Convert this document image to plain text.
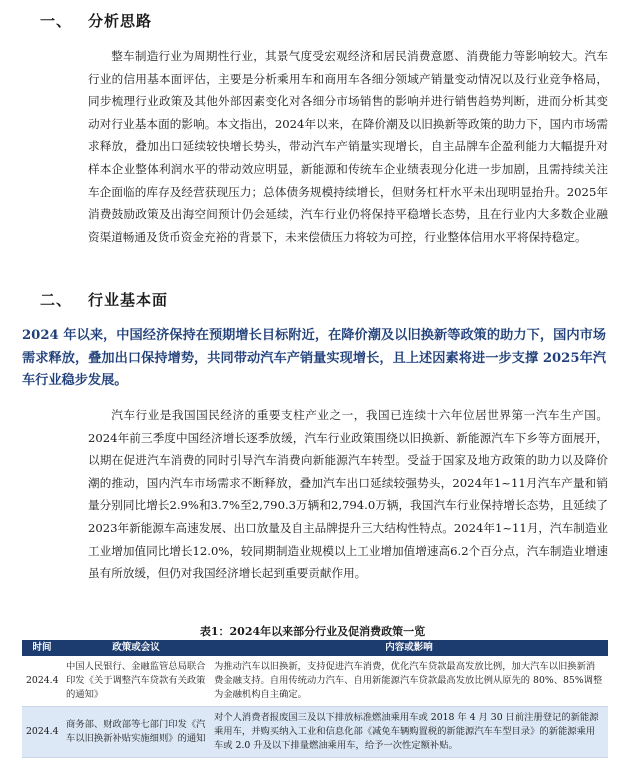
一、 分析思路

整车制造行业为周期性行业，其景气度受宏观经济和居民消费意愿、消费能力等影响较大。汽车行业的信用基本面评估，主要是分析乘用车和商用车各细分领域产销量变动情况以及行业竞争格局，同步梳理行业政策及其他外部因素变化对各细分市场销售的影响并进行销售趋势判断，进而分析其变动对行业基本面的影响。本文指出，2024年以来，在降价潮及以旧换新等政策的助力下，国内市场需求释放，叠加出口延续较快增长势头，带动汽车产销量实现增长，自主品牌车企盈利能力大幅提升对样本企业整体利润水平的带动效应明显，新能源和传统车企业绩表现分化进一步加剧，且需持续关注车企面临的库存及经营获现压力；总体债务规模持续增长，但财务杠杆水平未出现明显抬升。2025年消费鼓励政策及出海空间预计仍会延续，汽车行业仍将保持平稳增长态势，且在行业内大多数企业融资渠道畅通及货币资金充裕的背景下，未来偿债压力将较为可控，行业整体信用水平将保持稳定。

二、 行业基本面

2024 年以来，中国经济保持在预期增长目标附近，在降价潮及以旧换新等政策的助力下，国内市场需求释放，叠加出口保持增势，共同带动汽车产销量实现增长，且上述因素将进一步支撑 2025年汽车行业稳步发展。

汽车行业是我国国民经济的重要支柱产业之一，我国已连续十六年位居世界第一汽车生产国。2024年前三季度中国经济增长逐季放缓，汽车行业政策围绕以旧换新、新能源汽车下乡等方面展开，以期在促进汽车消费的同时引导汽车消费向新能源汽车转型。受益于国家及地方政策的助力以及降价潮的推动，国内汽车市场需求不断释放，叠加汽车出口延续较强势头，2024年1~11月汽车产量和销量分别同比增长2.9%和3.7%至2,790.3万辆和2,794.0万辆，我国汽车行业保持增长态势，且延续了2023年新能源车高速发展、出口放量及自主品牌提升三大结构性特点。2024年1~11月，汽车制造业工业增加值同比增长12.0%，较同期制造业规模以上工业增加值增速高6.2个百分点，汽车制造业增速虽有所放缓，但仍对我国经济增长起到重要贡献作用。

表1：2024年以来部分行业及促消费政策一览

时间	政策或会议	内容或影响
2024.4	中国人民银行、金融监管总局联合印发《关于调整汽车贷款有关政策的通知》	为推动汽车以旧换新，支持促进汽车消费，优化汽车贷款最高发放比例，加大汽车以旧换新消费金融支持。自用传统动力汽车、自用新能源汽车贷款最高发放比例从原先的 80%、85%调整为金融机构自主确定。
2024.4	商务部、财政部等七部门印发《汽车以旧换新补贴实施细则》的通知	对个人消费者报废国三及以下排放标准燃油乘用车或 2018 年 4 月 30 日前注册登记的新能源乘用车，并购买纳入工业和信息化部《减免车辆购置税的新能源汽车车型目录》的新能源乘用车或 2.0 升及以下排量燃油乘用车，给予一次性定额补贴。
